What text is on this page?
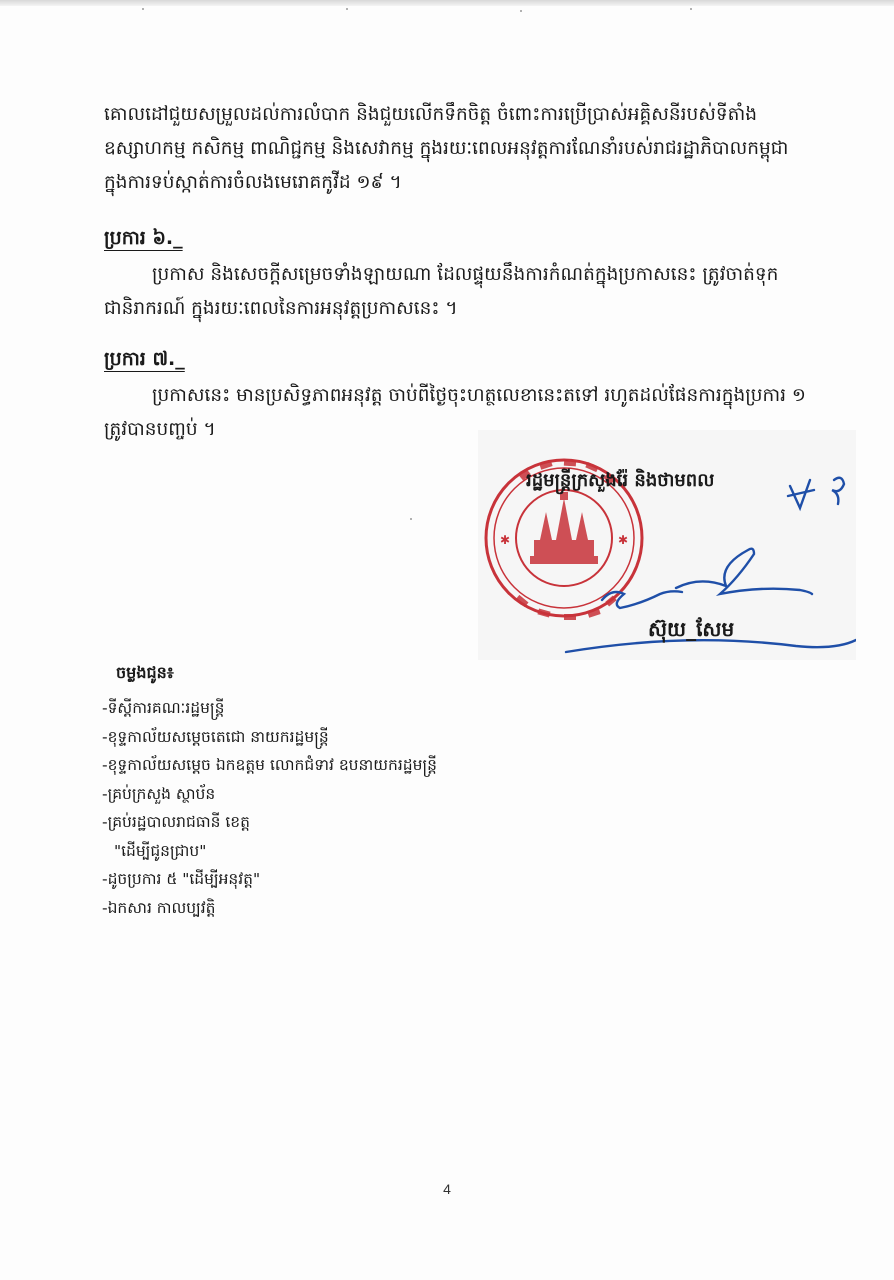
គោលដៅជួយសម្រួលដល់ការលំបាក និងជួយលើកទឹកចិត្ត ចំពោះការប្រើប្រាស់អគ្គិសនីរបស់ទីតាំង
ឧស្សាហកម្ម កសិកម្ម ពាណិជ្ជកម្ម និងសេវាកម្ម ក្នុងរយៈពេលអនុវត្តការណែនាំរបស់រាជរដ្ឋាភិបាលកម្ពុជា
ក្នុងការទប់ស្កាត់ការចំលងមេរោគកូវីដ ១៩ ។
ប្រការ ៦._
ប្រកាស និងសេចក្តីសម្រេចទាំងឡាយណា ដែលផ្ទុយនឹងការកំណត់ក្នុងប្រកាសនេះ ត្រូវចាត់ទុក
ជានិរាករណ៍ ក្នុងរយៈពេលនៃការអនុវត្តប្រកាសនេះ ។
ប្រការ ៧._
ប្រកាសនេះ មានប្រសិទ្ធភាពអនុវត្ត ចាប់ពីថ្ងៃចុះហត្ថលេខានេះតទៅ រហូតដល់ផែនការក្នុងប្រការ ១
ត្រូវបានបញ្ចប់ ។
✱	✱
រដ្ឋមន្ត្រីក្រសួងរ៉ែ និងថាមពល
ស៊ុយ_សែម
ចម្លងជូន៖
-ទីស្តីការគណៈរដ្ឋមន្ត្រី
-ខុទ្ទកាល័យសម្តេចតេជោ នាយករដ្ឋមន្ត្រី
-ខុទ្ទកាល័យសម្តេច ឯកឧត្តម លោកជំទាវ ឧបនាយករដ្ឋមន្ត្រី
-គ្រប់ក្រសួង ស្ថាប័ន
-គ្រប់រដ្ឋបាលរាជធានី ខេត្ត
"ដើម្បីជូនជ្រាប"
-ដូចប្រការ ៥ "ដើម្បីអនុវត្ត"
-ឯកសារ កាលប្បវត្តិ
4
